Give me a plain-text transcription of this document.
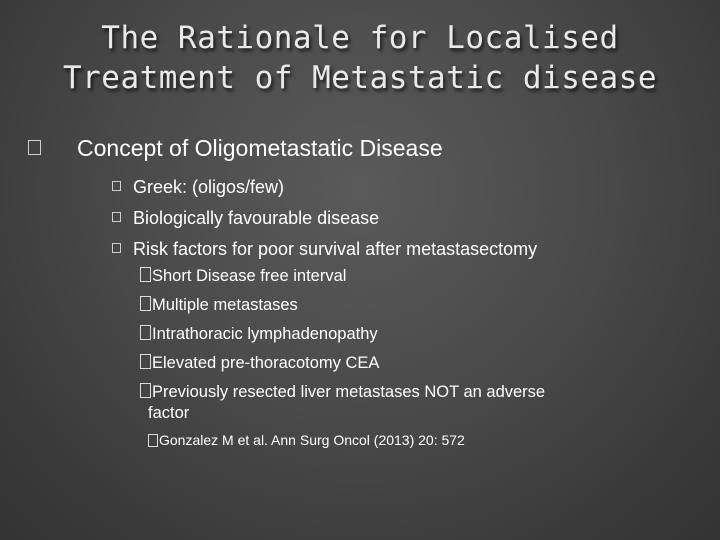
The Rationale for Localised
Treatment of Metastatic disease
Concept of Oligometastatic Disease
Greek: (oligos/few)
Biologically favourable disease
Risk factors for poor survival after metastasectomy
Short Disease free interval
Multiple metastases
Intrathoracic lymphadenopathy
Elevated pre-thoracotomy CEA
Previously resected liver metastases NOT an adverse
factor
Gonzalez M et al. Ann Surg Oncol (2013) 20: 572
